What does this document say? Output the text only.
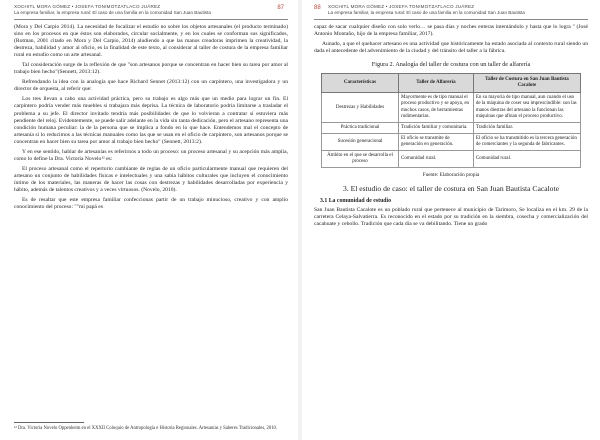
XOCHITL MORA GÓMEZ • JOSEFA TONIMOTZATLACO JUÁREZ
La empresa familiar, la empresa rural: El caso de una familia en la comunidad San Juan Bautista
87

(Mora y Del Carpio 2014). La necesidad de focalizar el estudio no sobre los objetos artesanales (el producto terminado) sino en los procesos en que éstos son elaborados, circular socialmente, y en los cuales se conforman sus significados, (Rotman, 2001 citado en Mora y Del Carpio, 2014) aludiendo a que las manos creadoras imprimen la creatividad, la destreza, habilidad y amor al oficio, es la finalidad de este texto, al considerar al taller de costura de la empresa familiar rural en estudio como un arte artesanal.

Tal consideración surge de la reflexión de que "son artesanos porque se concentran en hacer bien su tarea por amor al trabajo bien hecho"(Sennett, 2013:12).

Refrendando la idea con la analogía que hace Richard Sennet (2013:12) con un carpintero, una investigadora y un director de orquesta, al referir que:

Los tres llevan a cabo una actividad práctica, pero su trabajo es algo más que un medio para lograr un fin. El carpintero podría vender más muebles si trabajara más deprisa. La técnica de laboratorio podría limitarse a trasladar el problema a su jefe. El director invitado tendría más posibilidades de que lo volvieran a contratar si estuviera más pendiente del reloj. Evidentemente, se puede salir adelante en la vida sin tanta dedicación, pero el artesano representa una condición humana peculiar: la de la persona que se implica a fondo en lo que hace. Entendemos mal el concepto de artesanía si lo reducimos a las técnicas manuales como las que se usan en el oficio de carpintero, son artesanos porque se concentran en hacer bien su tarea por amor al trabajo bien hecho" (Sennett, 2013:2).

Y en ese sentido, hablar de artesanías es referirnos a todo un proceso: un proceso artesanal y su acepción más amplia, como lo define la Dra. Victoria Novelo¹² es:

El proceso artesanal como el repertorio cambiante de reglas de un oficio particularmente manual que requieren del artesano un conjunto de habilidades físicas e intelectuales y una sabia hábitos culturales que incluyen el conocimiento íntimo de los materiales, las maneras de hacer las cosas con destrezas y habilidades desarrolladas por experiencia y hábito, además de talentos creativos y a veces virtuosos. (Novelo, 2010).

Es de resaltar que este empresa familiar confeccionas partir de un trabajo minucioso, creativo y con amplio conocimiento del proceso: ""mi papá es

¹² Dra. Victoria Novelo Oppenheim en el XXXII Coloquio de Antropología e Historia Regionales. Artesanías y Saberes Tradicionales, 2010.
88 XOCHITL MORA GÓMEZ • JOSEFA TONIMOTZATLACO JUÁREZ
La empresa familiar, la empresa rural: El caso de una familia en la comunidad San Juan Bautista

capaz de sacar cualquier diseño con solo verlo… se pasa días y noches enteras intentándolo y hasta que lo logra " (José Antonio Montaño, hijo de la empresa familiar, 2017).

Aunado, a que el quehacer artesano es una actividad que históricamente ha estado asociada al contexto rural siendo un dada el antecedente del advenimiento de la ciudad y del tránsito del taller a la fábrica.

Figura 2. Analogía del taller de costura con un taller de alfarería
Características	Taller de Alfarería	Taller de Costura en San Juan Bautista Cacalote
Destrezas y Habilidades	Mayormente es de tipo manual el proceso productivo y se apoya, en muchos casos, de herramientas rudimentarias.	En su mayoría de tipo manual, aun cuando el uso de la máquina de coser sea imprescindible: son las manos diestras del artesano la funcionan las máquinas que afinan el proceso productivo.
Práctica tradicional	Tradición familiar y comunitaria.	Tradición familiar.
Sucesión generacional	El oficio se transmite de generación en generación.	El oficio se ha transmitido es la tercera generación de comerciantes y la segunda de fabricantes.
Ámbito en el que se desarrolla el proceso	Comunidad rural.	Comunidad rural.
Fuente: Elaboración propia
3. El estudio de caso: el taller de costura en San Juan Bautista Cacalote
3.1 La comunidad de estudio

San Juan Bautista Cacalote es un poblado rural que pertenece al municipio de Tarimoro, Se localiza en el km. 29 de la carretera Celaya-Salvatierra. Es reconocido en el estado por su tradición en la siembra, cosecha y comercialización del cacahuate y cebollo. Tradición que cada día se va debilitando. Tiene un grado
